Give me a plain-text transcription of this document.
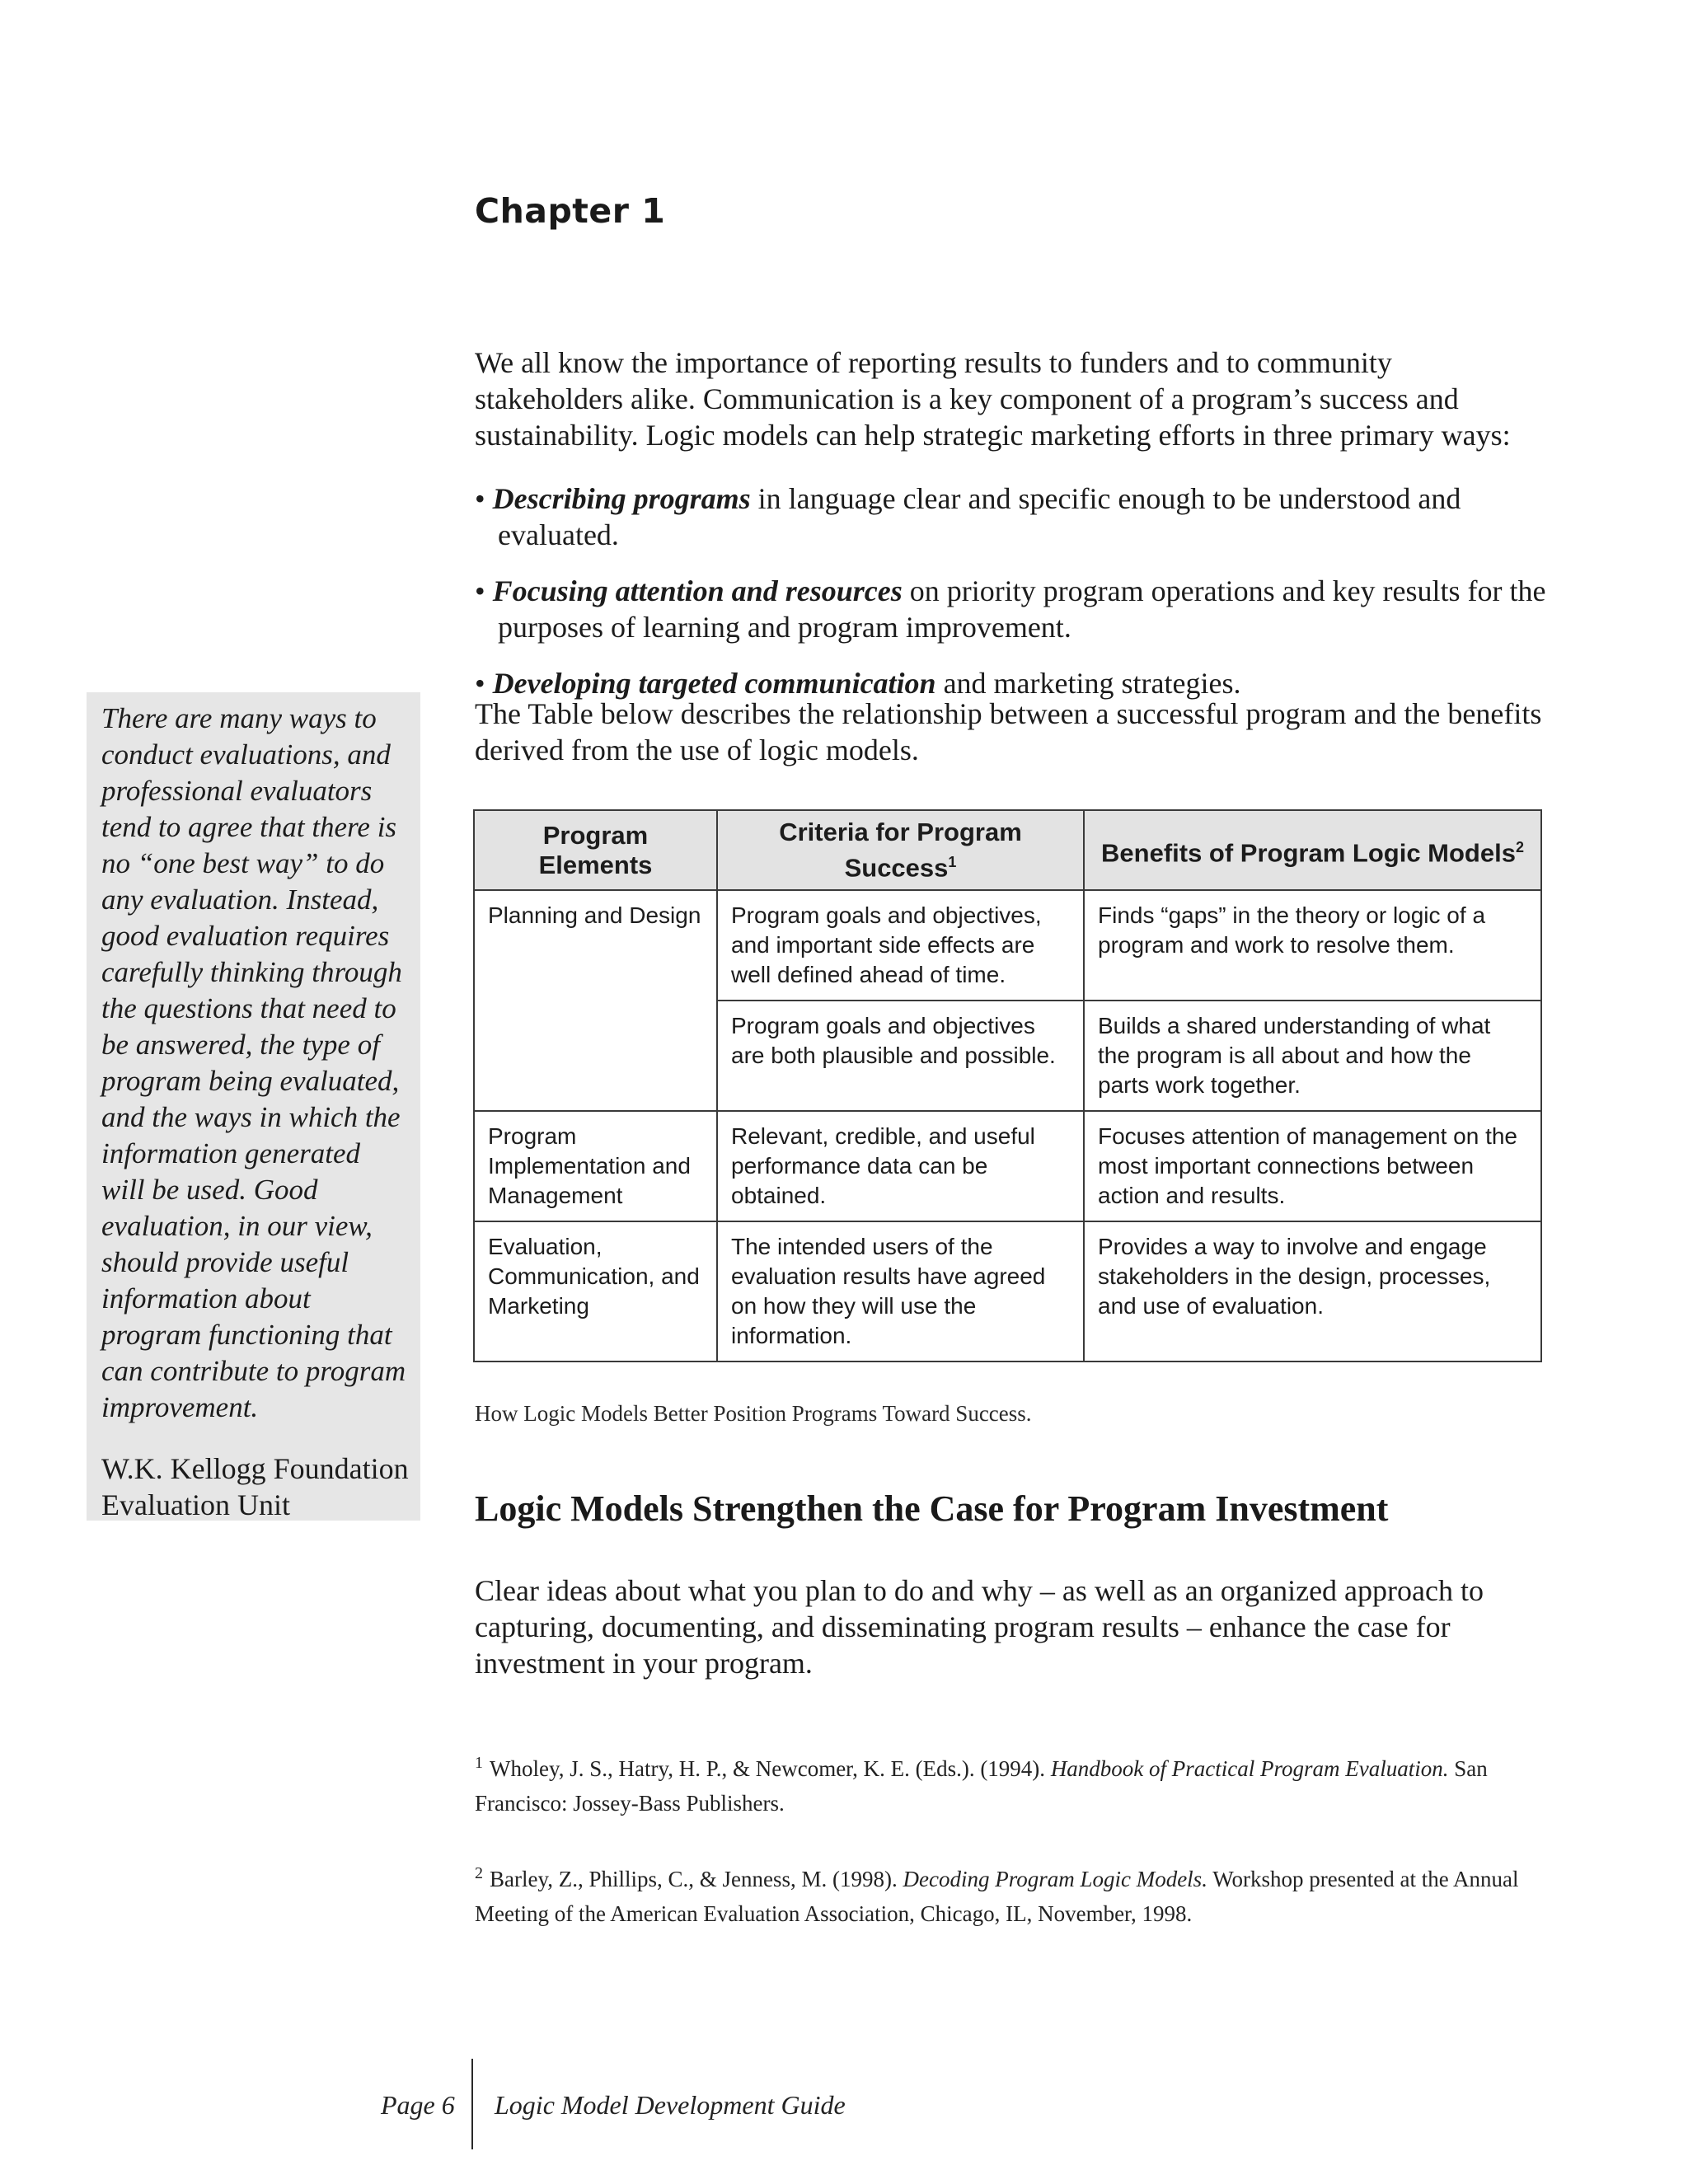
Chapter 1

We all know the importance of reporting results to funders and to community stakeholders alike. Communication is a key component of a program’s success and sustainability. Logic models can help strategic marketing efforts in three primary ways:

• Describing programs in language clear and specific enough to be understood and evaluated.

• Focusing attention and resources on priority program operations and key results for the purposes of learning and program improvement.

• Developing targeted communication and marketing strategies.

There are many ways to conduct evaluations, and professional evaluators tend to agree that there is no “one best way” to do any evaluation. Instead, good evaluation requires carefully thinking through the questions that need to be answered, the type of program being evaluated, and the ways in which the information generated will be used. Good evaluation, in our view, should provide useful information about program functioning that can contribute to program improvement.

W.K. Kellogg Foundation
Evaluation Unit

The Table below describes the relationship between a successful program and the benefits derived from the use of logic models.

Program Elements	Criteria for Program Success$^1$	Benefits of Program Logic Models$^2$
Planning and Design	Program goals and objectives, and important side effects are well defined ahead of time.	Finds “gaps” in the theory or logic of a program and work to resolve them.
	Program goals and objectives are both plausible and possible.	Builds a shared understanding of what the program is all about and how the parts work together.
Program Implementation and Management	Relevant, credible, and useful performance data can be obtained.	Focuses attention of management on the most important connections between action and results.
Evaluation, Communication, and Marketing	The intended users of the evaluation results have agreed on how they will use the information.	Provides a way to involve and engage stakeholders in the design, processes, and use of evaluation.
How Logic Models Better Position Programs Toward Success.
Logic Models Strengthen the Case for Program Investment

Clear ideas about what you plan to do and why – as well as an organized approach to capturing, documenting, and disseminating program results – enhance the case for investment in your program.

$^1$ Wholey, J. S., Hatry, H. P., & Newcomer, K. E. (Eds.). (1994). Handbook of Practical Program Evaluation. San Francisco: Jossey-Bass Publishers.

$^2$ Barley, Z., Phillips, C., & Jenness, M. (1998). Decoding Program Logic Models. Workshop presented at the Annual Meeting of the American Evaluation Association, Chicago, IL, November, 1998.

Page 6 Logic Model Development Guide
